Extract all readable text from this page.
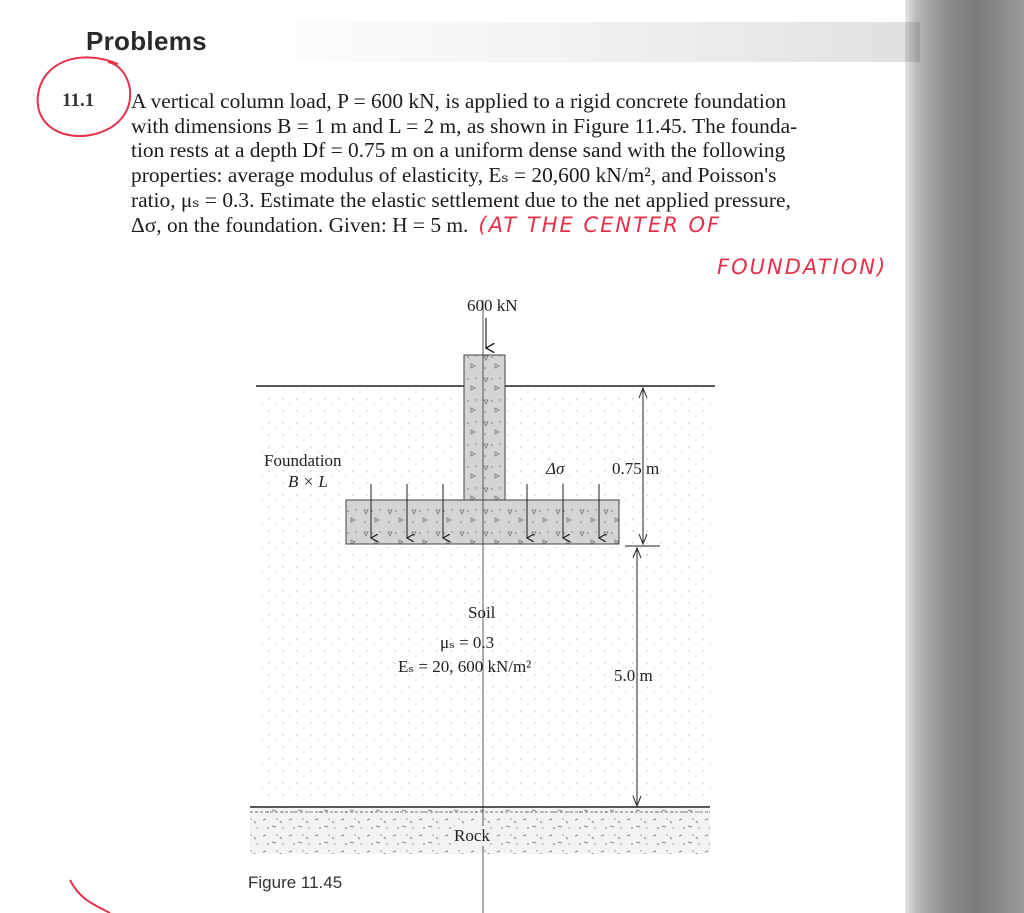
Problems
11.1 A vertical column load, P = 600 kN, is applied to a rigid concrete foundation

with dimensions B = 1 m and L = 2 m, as shown in Figure 11.45. The founda-

tion rests at a depth Df = 0.75 m on a uniform dense sand with the following

properties: average modulus of elasticity, Eₛ = 20,600 kN/m², and Poisson's

ratio, μₛ = 0.3. Estimate the elastic settlement due to the net applied pressure,

Δσ, on the foundation. Given: H = 5 m. (AT THE CENTER OF

FOUNDATION)
600 kN
Foundation
B × L
Δσ	0.75 m
Soil
μₛ = 0.3
Eₛ = 20, 600 kN/m²	5.0 m
Rock
Figure 11.45
